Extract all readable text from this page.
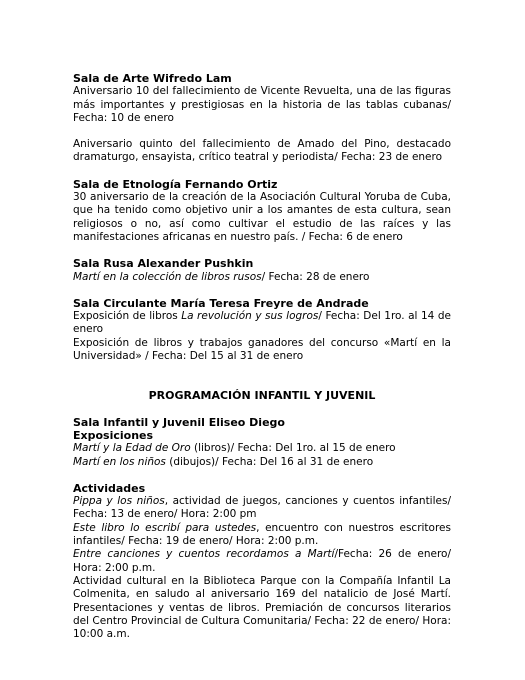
Sala de Arte Wifredo Lam

Aniversario 10 del fallecimiento de Vicente Revuelta, una de las figuras más importantes y prestigiosas en la historia de las tablas cubanas/ Fecha: 10 de enero

Aniversario quinto del fallecimiento de Amado del Pino, destacado dramaturgo, ensayista, crítico teatral y periodista/ Fecha: 23 de enero

Sala de Etnología Fernando Ortiz

30 aniversario de la creación de la Asociación Cultural Yoruba de Cuba, que ha tenido como objetivo unir a los amantes de esta cultura, sean religiosos o no, así como cultivar el estudio de las raíces y las manifestaciones africanas en nuestro país. / Fecha: 6 de enero

Sala Rusa Alexander Pushkin

Martí en la colección de libros rusos/ Fecha: 28 de enero

Sala Circulante María Teresa Freyre de Andrade

Exposición de libros La revolución y sus logros/ Fecha: Del 1ro. al 14 de enero

Exposición de libros y trabajos ganadores del concurso «Martí en la Universidad» / Fecha: Del 15 al 31 de enero

PROGRAMACIÓN INFANTIL Y JUVENIL

Sala Infantil y Juvenil Eliseo Diego

Exposiciones

Martí y la Edad de Oro (libros)/ Fecha: Del 1ro. al 15 de enero

Martí en los niños (dibujos)/ Fecha: Del 16 al 31 de enero

Actividades

Pippa y los niños, actividad de juegos, canciones y cuentos infantiles/ Fecha: 13 de enero/ Hora: 2:00 pm

Este libro lo escribí para ustedes, encuentro con nuestros escritores infantiles/ Fecha: 19 de enero/ Hora: 2:00 p.m.

Entre canciones y cuentos recordamos a Martí/Fecha: 26 de enero/ Hora: 2:00 p.m.

Actividad cultural en la Biblioteca Parque con la Compañía Infantil La Colmenita, en saludo al aniversario 169 del natalicio de José Martí. Presentaciones y ventas de libros. Premiación de concursos literarios del Centro Provincial de Cultura Comunitaria/ Fecha: 22 de enero/ Hora: 10:00 a.m.
